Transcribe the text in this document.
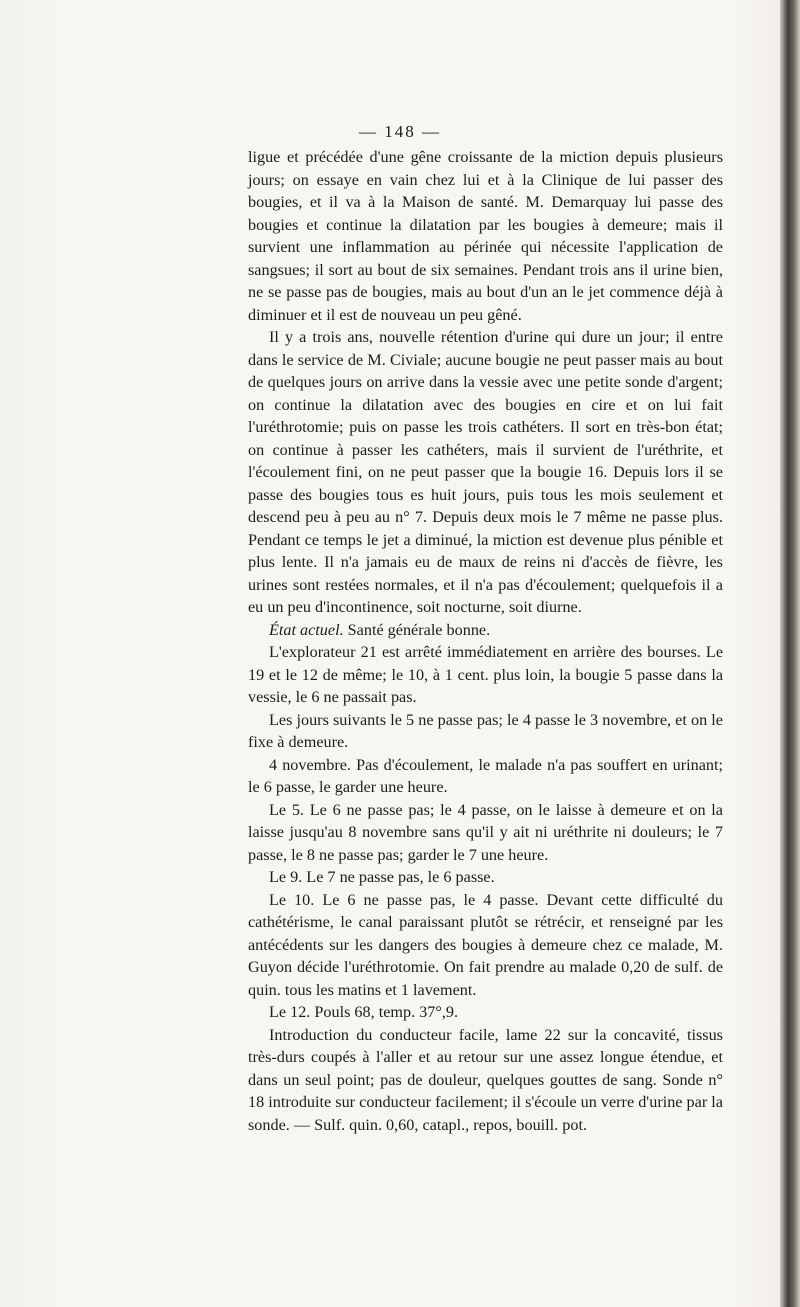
— 148 —

ligue et précédée d'une gêne croissante de la miction depuis plusieurs jours; on essaye en vain chez lui et à la Clinique de lui passer des bougies, et il va à la Maison de santé. M. Demarquay lui passe des bougies et continue la dilatation par les bougies à demeure; mais il survient une inflammation au périnée qui nécessite l'application de sangsues; il sort au bout de six semaines. Pendant trois ans il urine bien, ne se passe pas de bougies, mais au bout d'un an le jet commence déjà à diminuer et il est de nouveau un peu gêné.

Il y a trois ans, nouvelle rétention d'urine qui dure un jour; il entre dans le service de M. Civiale; aucune bougie ne peut passer mais au bout de quelques jours on arrive dans la vessie avec une petite sonde d'argent; on continue la dilatation avec des bougies en cire et on lui fait l'uréthrotomie; puis on passe les trois cathéters. Il sort en très-bon état; on continue à passer les cathéters, mais il survient de l'uréthrite, et l'écoulement fini, on ne peut passer que la bougie 16. Depuis lors il se passe des bougies tous es huit jours, puis tous les mois seulement et descend peu à peu au n° 7. Depuis deux mois le 7 même ne passe plus. Pendant ce temps le jet a diminué, la miction est devenue plus pénible et plus lente. Il n'a jamais eu de maux de reins ni d'accès de fièvre, les urines sont restées normales, et il n'a pas d'écoulement; quelquefois il a eu un peu d'incontinence, soit nocturne, soit diurne.

État actuel. Santé générale bonne.

L'explorateur 21 est arrêté immédiatement en arrière des bourses. Le 19 et le 12 de même; le 10, à 1 cent. plus loin, la bougie 5 passe dans la vessie, le 6 ne passait pas.

Les jours suivants le 5 ne passe pas; le 4 passe le 3 novembre, et on le fixe à demeure.

4 novembre. Pas d'écoulement, le malade n'a pas souffert en urinant; le 6 passe, le garder une heure.

Le 5. Le 6 ne passe pas; le 4 passe, on le laisse à demeure et on la laisse jusqu'au 8 novembre sans qu'il y ait ni uréthrite ni douleurs; le 7 passe, le 8 ne passe pas; garder le 7 une heure.

Le 9. Le 7 ne passe pas, le 6 passe.

Le 10. Le 6 ne passe pas, le 4 passe. Devant cette difficulté du cathétérisme, le canal paraissant plutôt se rétrécir, et renseigné par les antécédents sur les dangers des bougies à demeure chez ce malade, M. Guyon décide l'uréthrotomie. On fait prendre au malade 0,20 de sulf. de quin. tous les matins et 1 lavement.

Le 12. Pouls 68, temp. 37°,9.

Introduction du conducteur facile, lame 22 sur la concavité, tissus très-durs coupés à l'aller et au retour sur une assez longue étendue, et dans un seul point; pas de douleur, quelques gouttes de sang. Sonde n° 18 introduite sur conducteur facilement; il s'écoule un verre d'urine par la sonde. — Sulf. quin. 0,60, catapl., repos, bouill. pot.
